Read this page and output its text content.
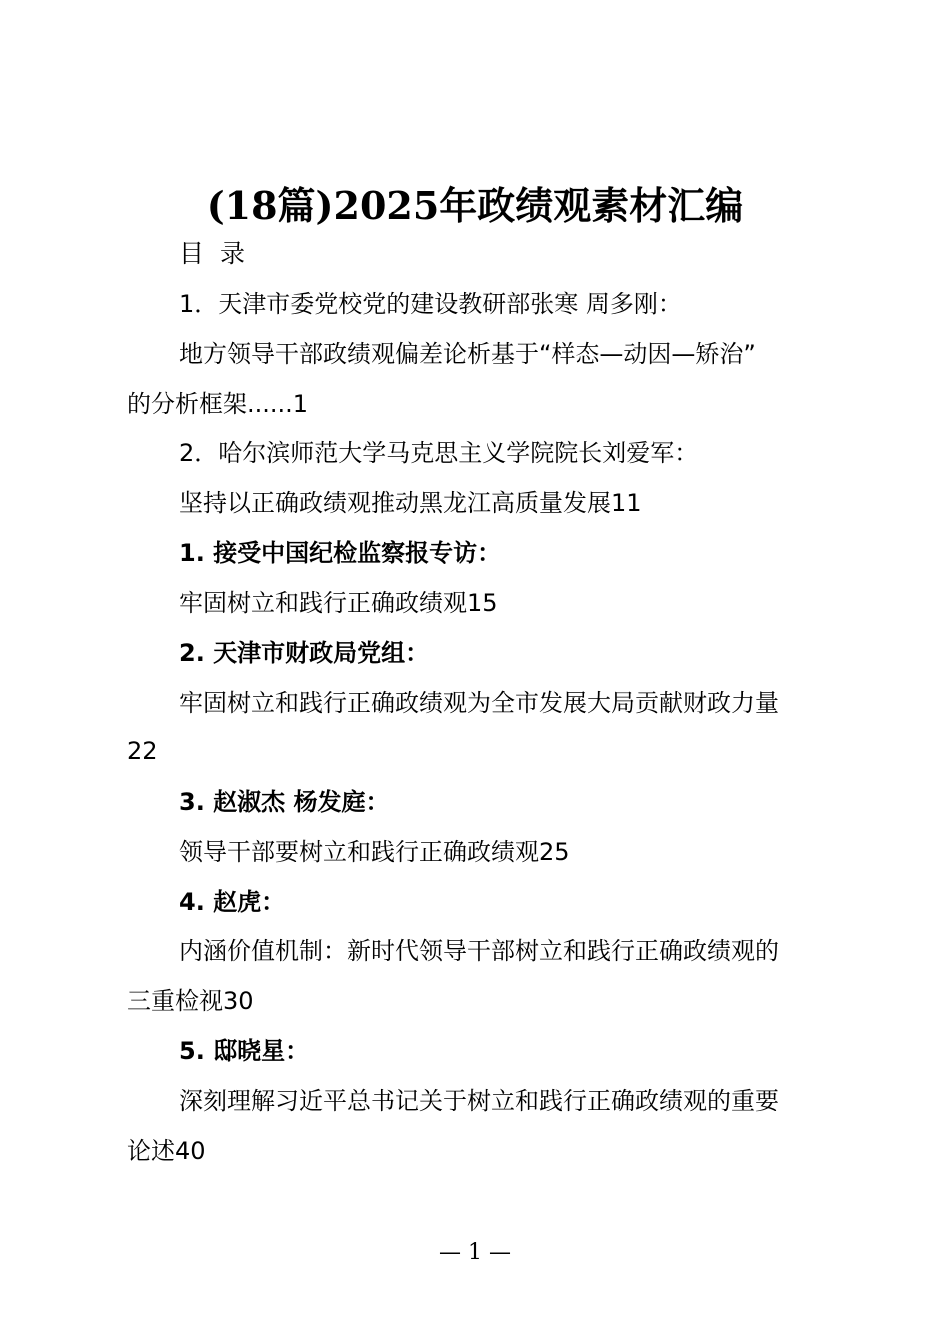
(18篇)2025年政绩观素材汇编
目 录
1．天津市委党校党的建设教研部张寒 周多刚：
地方领导干部政绩观偏差论析基于“样态—动因—矫治”
的分析框架......1
2．哈尔滨师范大学马克思主义学院院长刘爱军：
坚持以正确政绩观推动黑龙江高质量发展11
1. 接受中国纪检监察报专访：
牢固树立和践行正确政绩观15
2. 天津市财政局党组：
牢固树立和践行正确政绩观为全市发展大局贡献财政力量
22
3. 赵淑杰 杨发庭：
领导干部要树立和践行正确政绩观25
4. 赵虎：
内涵价值机制：新时代领导干部树立和践行正确政绩观的
三重检视30
5. 邸晓星：
深刻理解习近平总书记关于树立和践行正确政绩观的重要
论述40
— 1 —
